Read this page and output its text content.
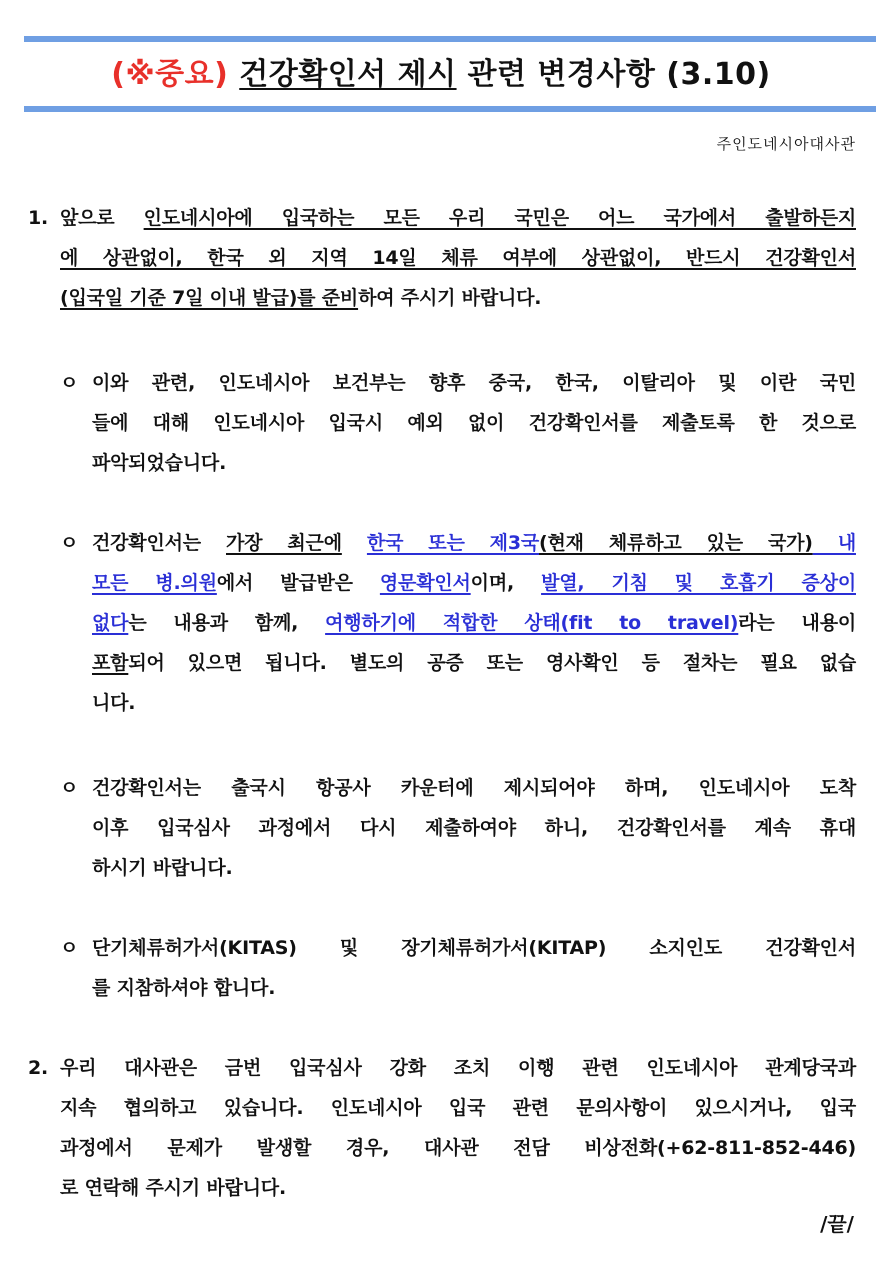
(※중요) 건강확인서 제시 관련 변경사항 (3.10)
주인도네시아대사관
1. 앞으로 인도네시아에 입국하는 모든 우리 국민은 어느 국가에서 출발하든지
에 상관없이, 한국 외 지역 14일 체류 여부에 상관없이, 반드시 건강확인서
(입국일 기준 7일 이내 발급)를 준비하여 주시기 바랍니다.
ㅇ 이와 관련, 인도네시아 보건부는 향후 중국, 한국, 이탈리아 및 이란 국민
들에 대해 인도네시아 입국시 예외 없이 건강확인서를 제출토록 한 것으로
파악되었습니다.
ㅇ 건강확인서는 가장 최근에 한국 또는 제3국(현재 체류하고 있는 국가) 내
모든 병.의원에서 발급받은 영문확인서이며, 발열, 기침 및 호흡기 증상이
없다는 내용과 함께, 여행하기에 적합한 상태(fit to travel)라는 내용이
포함되어 있으면 됩니다. 별도의 공증 또는 영사확인 등 절차는 필요 없습
니다.
ㅇ 건강확인서는 출국시 항공사 카운터에 제시되어야 하며, 인도네시아 도착
이후 입국심사 과정에서 다시 제출하여야 하니, 건강확인서를 계속 휴대
하시기 바랍니다.
ㅇ 단기체류허가서(KITAS) 및 장기체류허가서(KITAP) 소지인도 건강확인서
를 지참하셔야 합니다.
2. 우리 대사관은 금번 입국심사 강화 조치 이행 관련 인도네시아 관계당국과
지속 협의하고 있습니다. 인도네시아 입국 관련 문의사항이 있으시거나, 입국
과정에서 문제가 발생할 경우, 대사관 전담 비상전화(+62-811-852-446)
로 연락해 주시기 바랍니다.
/끝/
